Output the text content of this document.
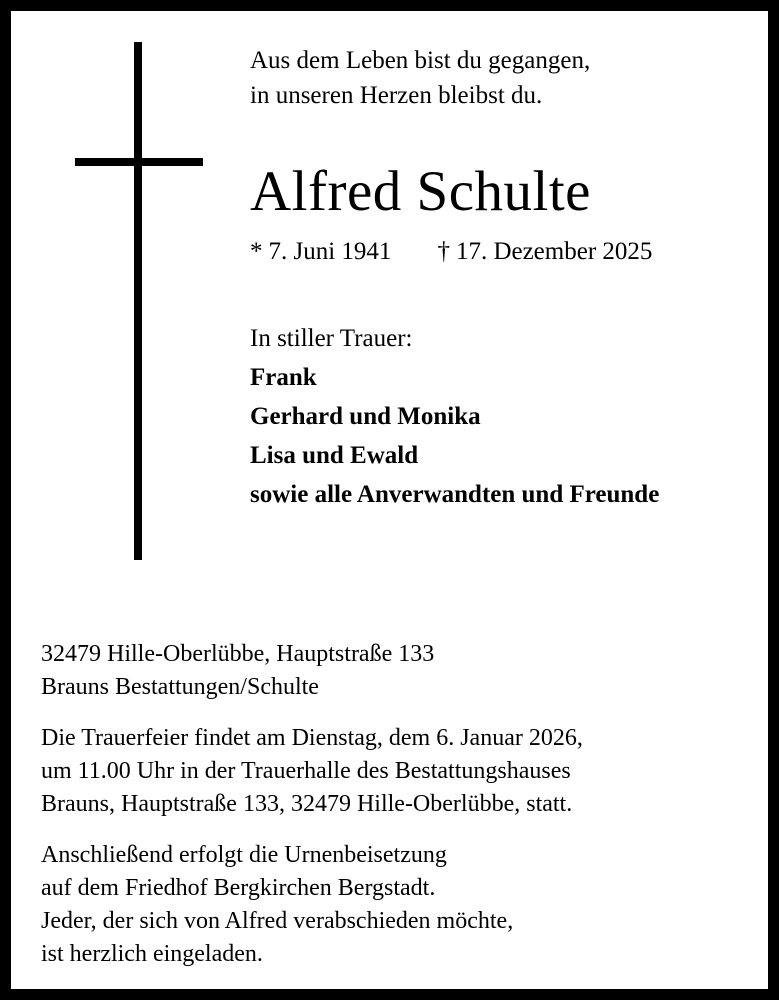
Aus dem Leben bist du gegangen,
in unseren Herzen bleibst du.
Alfred Schulte
* 7. Juni 1941 † 17. Dezember 2025

In stiller Trauer:

Frank

Gerhard und Monika

Lisa und Ewald

sowie alle Anverwandten und Freunde

32479 Hille-Oberlübbe, Hauptstraße 133
Brauns Bestattungen/Schulte

Die Trauerfeier findet am Dienstag, dem 6. Januar 2026,
um 11.00 Uhr in der Trauerhalle des Bestattungshauses
Brauns, Hauptstraße 133, 32479 Hille-Oberlübbe, statt.

Anschließend erfolgt die Urnenbeisetzung
auf dem Friedhof Bergkirchen Bergstadt.
Jeder, der sich von Alfred verabschieden möchte,
ist herzlich eingeladen.
